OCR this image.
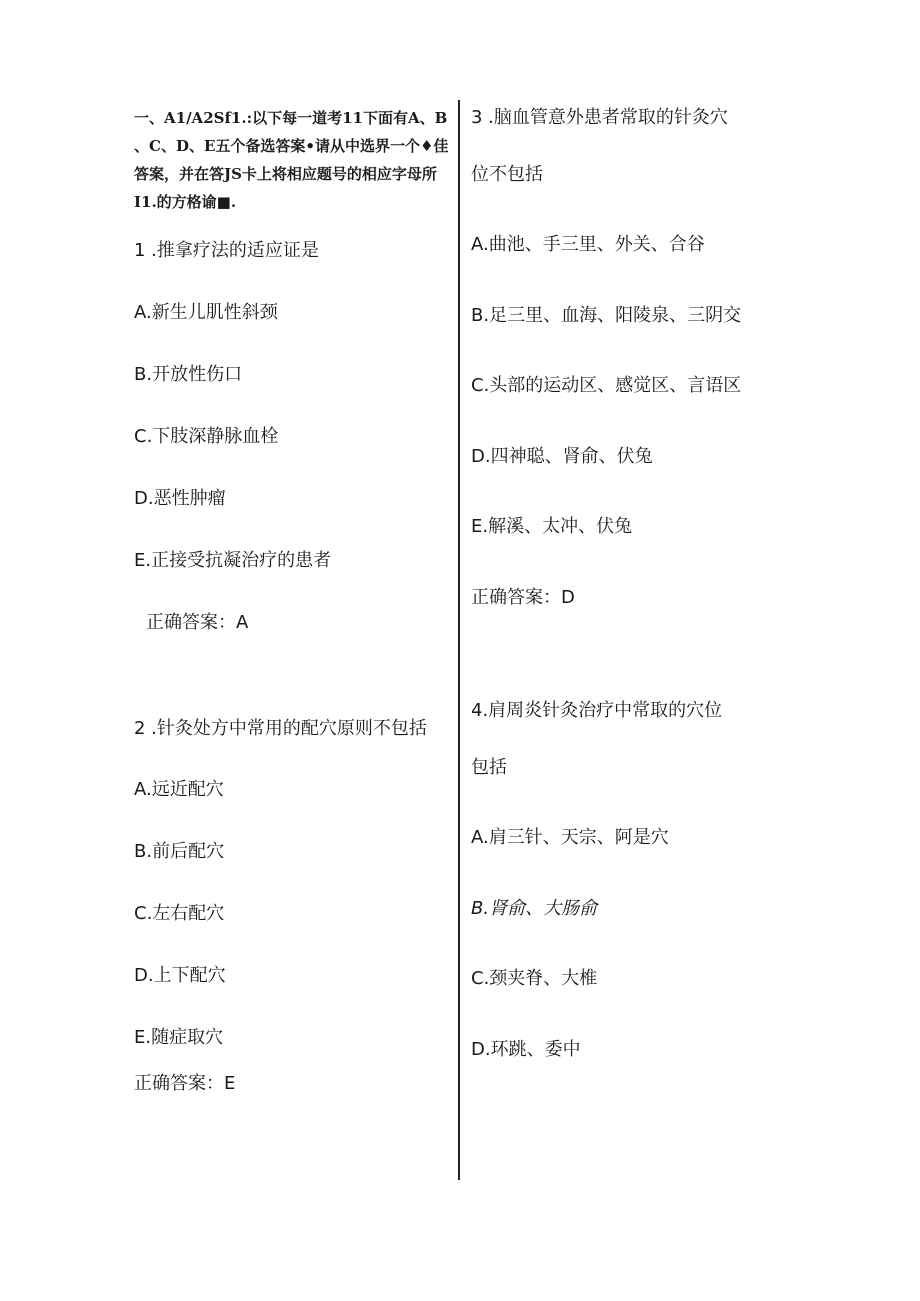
一、A1/A2Sf1.:以下每一道考11下面有A、B
、C、D、E五个备选答案•请从中选界一个♦佳
答案，并在答JS卡上将相应题号的相应字母所
I1.的方格谕■.
1 .推拿疗法的适应证是
A.新生儿肌性斜颈
B.开放性伤口
C.下肢深静脉血栓
D.恶性肿瘤
E.正接受抗凝治疗的患者
正确答案：A
2 .针灸处方中常用的配穴原则不包括
A.远近配穴
B.前后配穴
C.左右配穴
D.上下配穴
E.随症取穴
正确答案：E
3 .脑血管意外患者常取的针灸穴
位不包括
A.曲池、手三里、外关、合谷
B.足三里、血海、阳陵泉、三阴交
C.头部的运动区、感觉区、言语区
D.四神聪、肾俞、伏兔
E.解溪、太冲、伏兔
正确答案：D
4.肩周炎针灸治疗中常取的穴位
包括
A.肩三针、天宗、阿是穴
B.肾俞、大肠俞
C.颈夹脊、大椎
D.环跳、委中
